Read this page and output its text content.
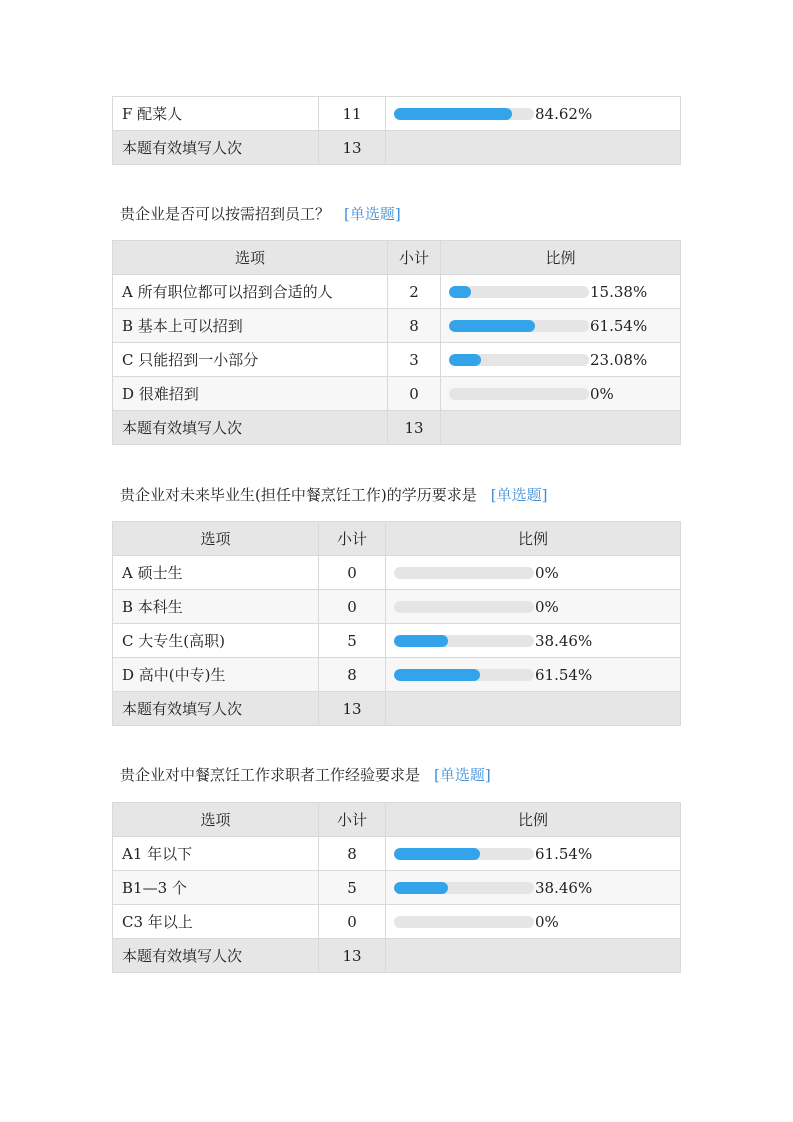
F 配菜人	11	84.62%
本题有效填写人次	13	

贵企业是否可以按需招到员工？ [单选题]

选项	小计	比例
A 所有职位都可以招到合适的人	2	15.38%
B 基本上可以招到	8	61.54%
C 只能招到一小部分	3	23.08%
D 很难招到	0	0%
本题有效填写人次	13	

贵企业对未来毕业生(担任中餐烹饪工作)的学历要求是 [单选题]

选项	小计	比例
A 硕士生	0	0%
B 本科生	0	0%
C 大专生(高职)	5	38.46%
D 高中(中专)生	8	61.54%
本题有效填写人次	13	

贵企业对中餐烹饪工作求职者工作经验要求是 [单选题]

选项	小计	比例
A1 年以下	8	61.54%
B1—3 个	5	38.46%
C3 年以上	0	0%
本题有效填写人次	13	
